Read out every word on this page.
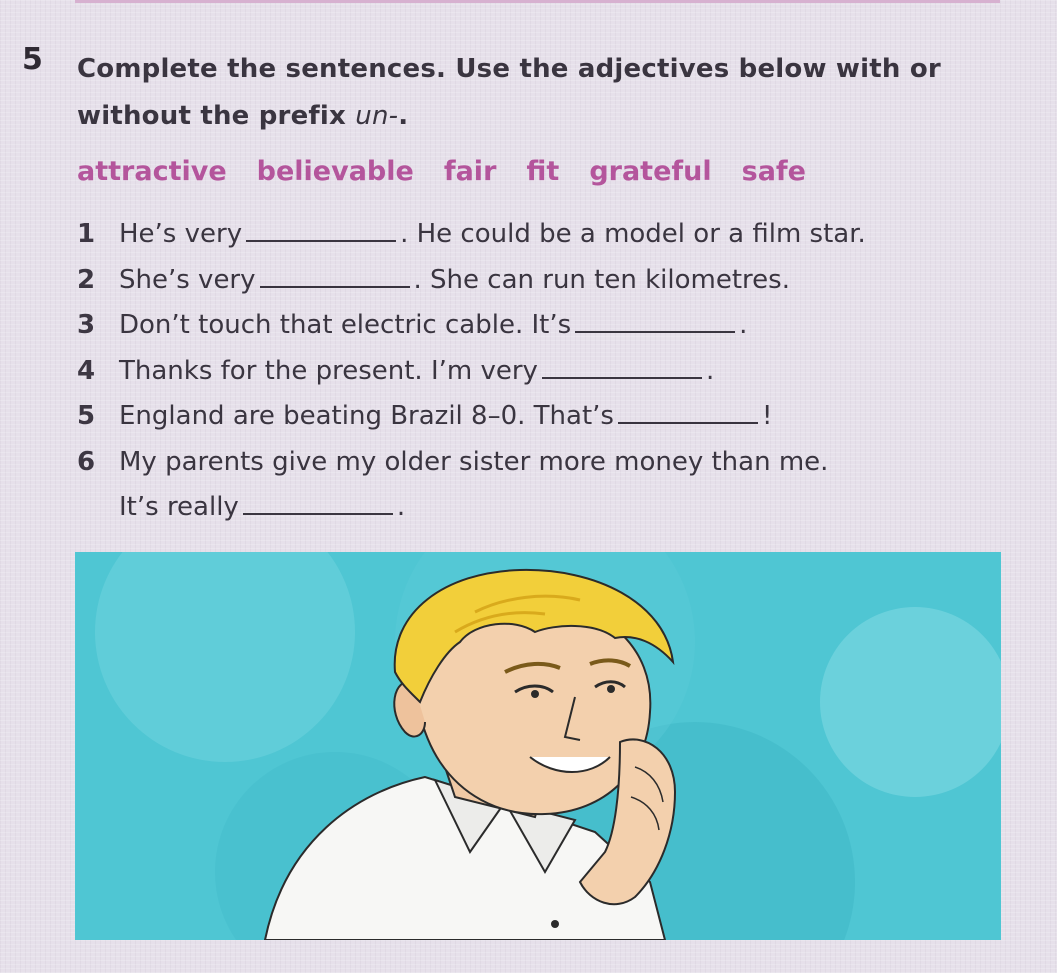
5 Complete the sentences. Use the adjectives below with or without the prefix un-.
attractive believable fair fit grateful safe
1 He’s very	. He could be a model or a film star.
2 She’s very	. She can run ten kilometres.
3 Don’t touch that electric cable. It’s	.
4 Thanks for the present. I’m very	.
5 England are beating Brazil 8–0. That’s	!
6 My parents give my older sister more money than me.
It’s really	.
